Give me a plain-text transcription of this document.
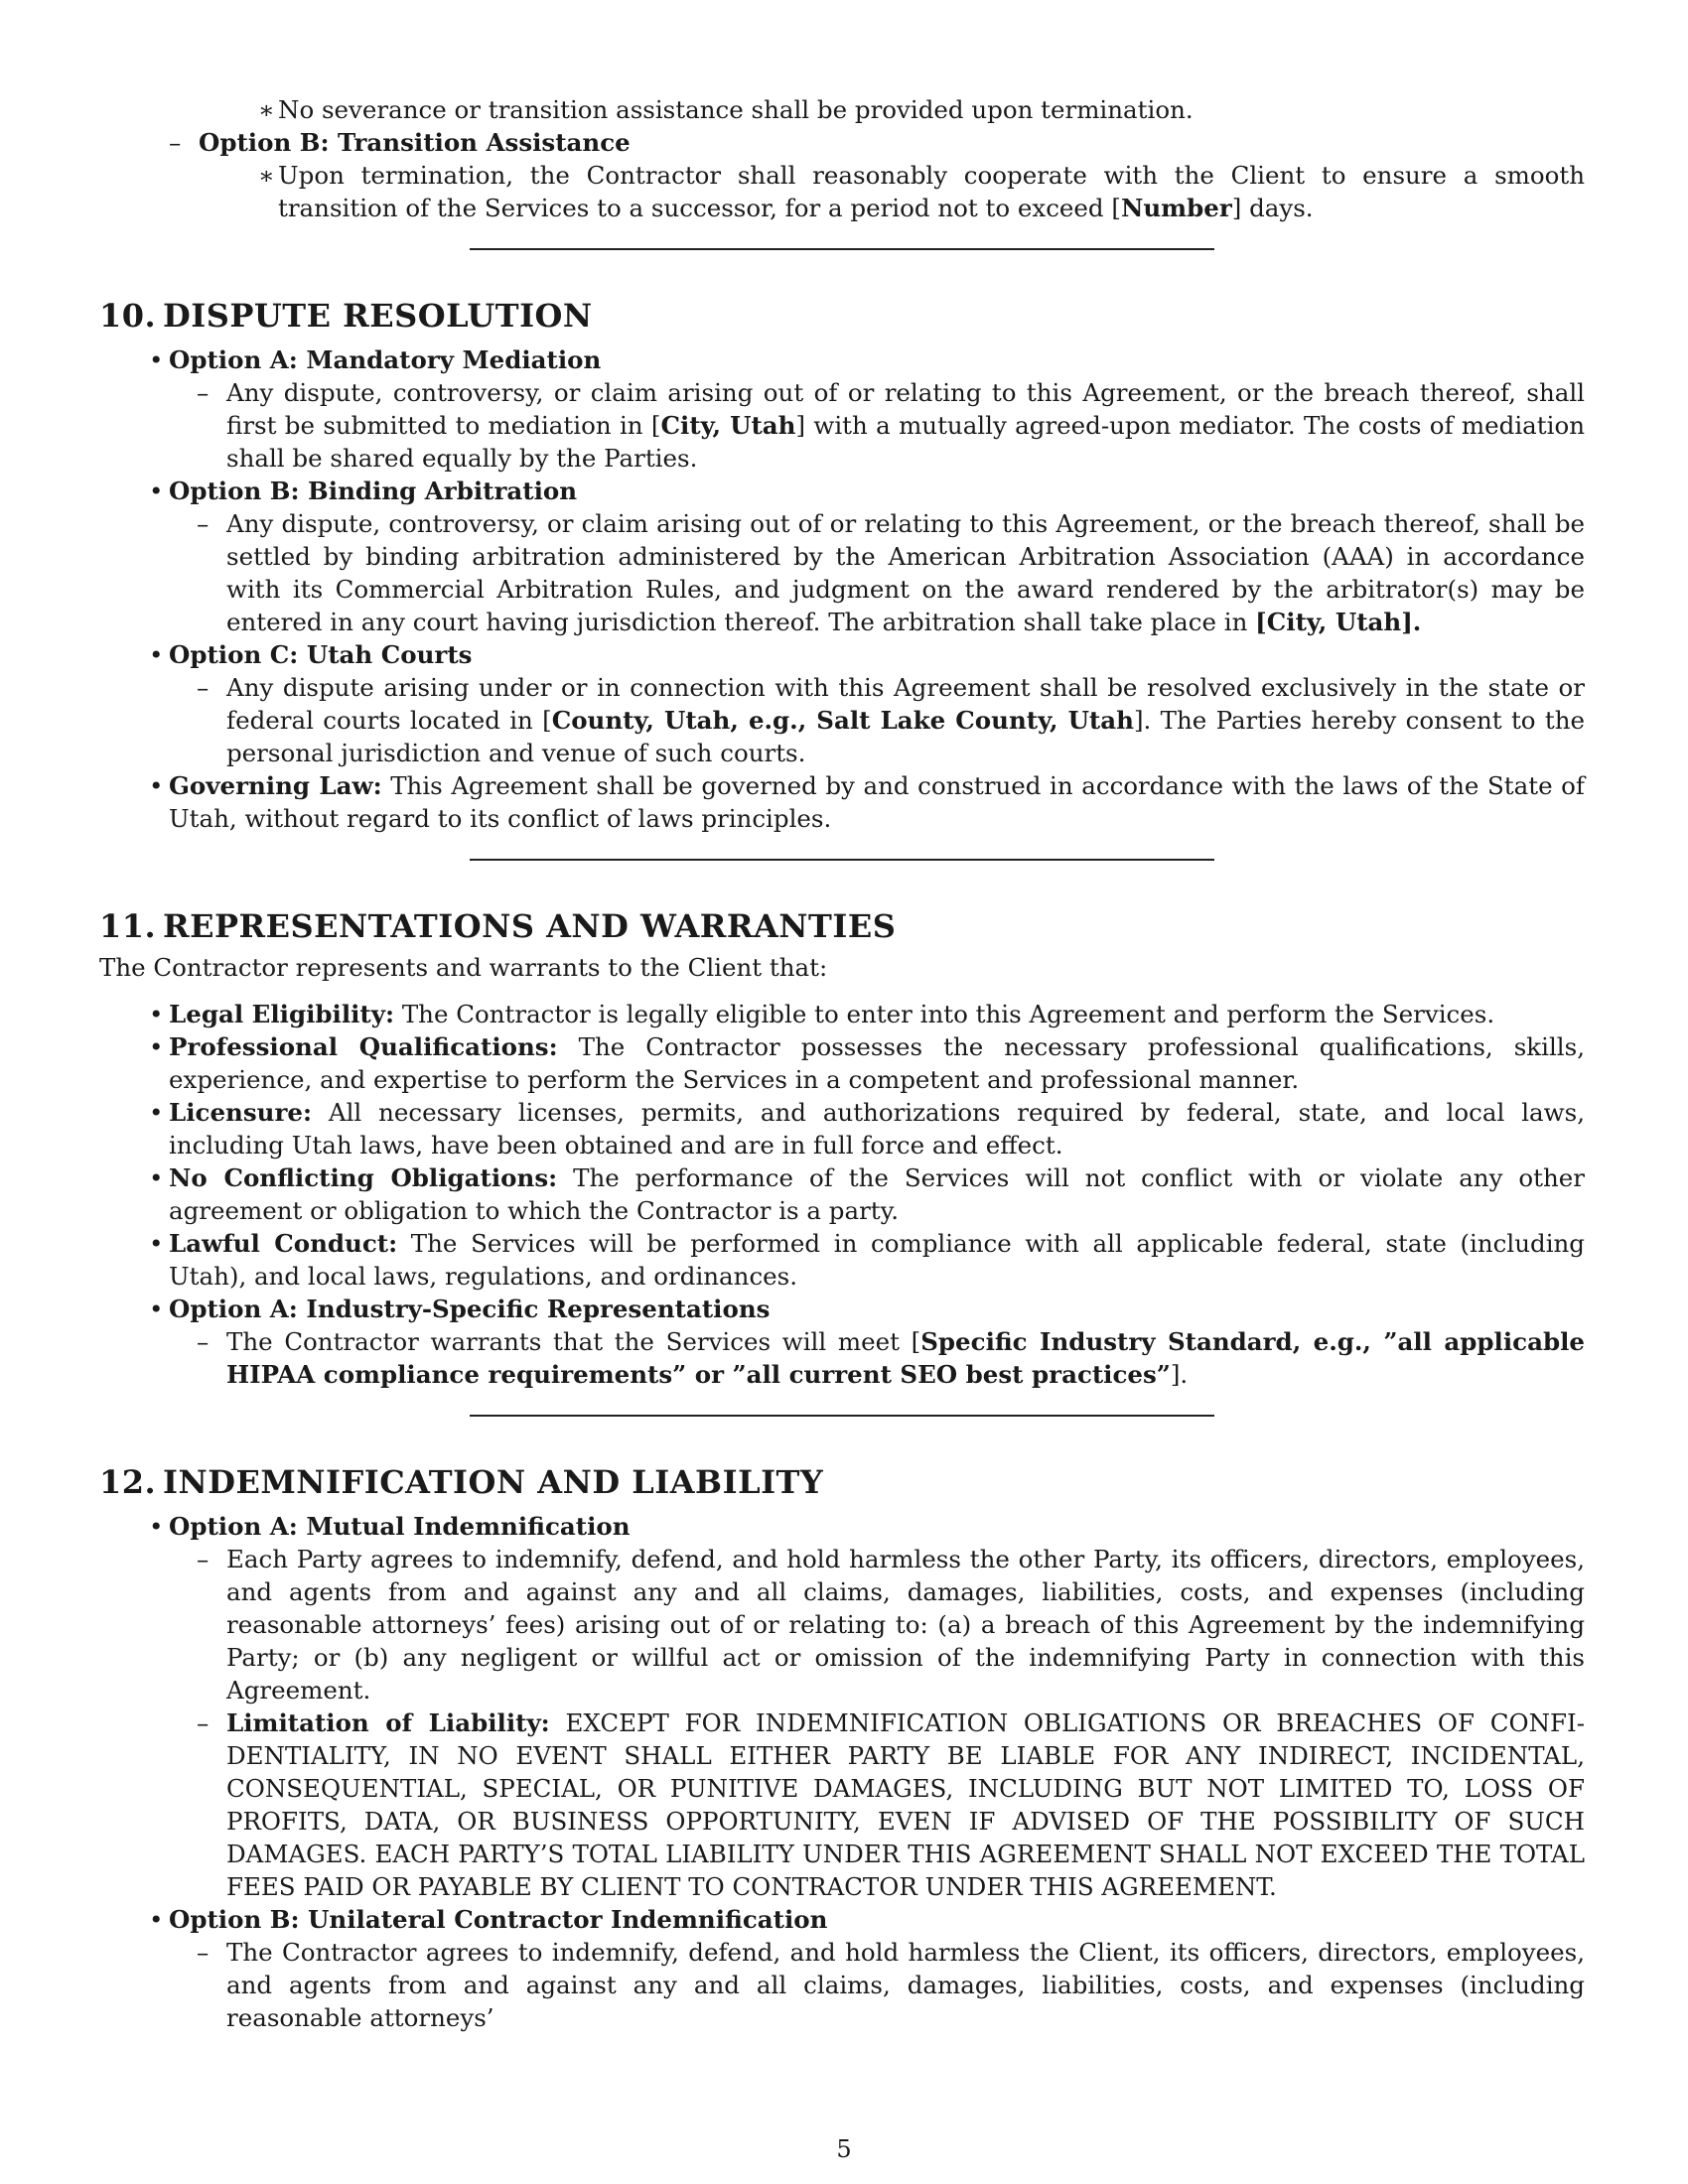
∗ No severance or transition assistance shall be provided upon termination.

– Option B: Transition Assistance

∗ Upon termination, the Contractor shall reasonably cooperate with the Client to ensure a smooth transition of the Services to a successor, for a period not to exceed [Number] days.

10. DISPUTE RESOLUTION

• Option A: Mandatory Mediation

– Any dispute, controversy, or claim arising out of or relating to this Agreement, or the breach thereof, shall first be submitted to mediation in [City, Utah] with a mutually agreed-upon mediator. The costs of mediation shall be shared equally by the Parties.

• Option B: Binding Arbitration

– Any dispute, controversy, or claim arising out of or relating to this Agreement, or the breach thereof, shall be settled by binding arbitration administered by the American Arbitration Association (AAA) in accordance with its Commercial Arbitration Rules, and judgment on the award rendered by the arbitrator(s) may be entered in any court having jurisdiction thereof. The arbitration shall take place in [City, Utah].

• Option C: Utah Courts

– Any dispute arising under or in connection with this Agreement shall be resolved exclusively in the state or federal courts located in [County, Utah, e.g., Salt Lake County, Utah]. The Parties hereby consent to the personal jurisdiction and venue of such courts.

• Governing Law: This Agreement shall be governed by and construed in accordance with the laws of the State of Utah, without regard to its conflict of laws principles.

11. REPRESENTATIONS AND WARRANTIES

The Contractor represents and warrants to the Client that:

• Legal Eligibility: The Contractor is legally eligible to enter into this Agreement and perform the Services.

• Professional Qualifications: The Contractor possesses the necessary professional qualifications, skills, experience, and expertise to perform the Services in a competent and professional manner.

• Licensure: All necessary licenses, permits, and authorizations required by federal, state, and local laws, including Utah laws, have been obtained and are in full force and effect.

• No Conflicting Obligations: The performance of the Services will not conflict with or violate any other agreement or obligation to which the Contractor is a party.

• Lawful Conduct: The Services will be performed in compliance with all applicable federal, state (including Utah), and local laws, regulations, and ordinances.

• Option A: Industry-Specific Representations

– The Contractor warrants that the Services will meet [Specific Industry Standard, e.g., ”all applicable HIPAA compliance requirements” or ”all current SEO best practices”].

12. INDEMNIFICATION AND LIABILITY

• Option A: Mutual Indemnification

– Each Party agrees to indemnify, defend, and hold harmless the other Party, its officers, directors, employees, and agents from and against any and all claims, damages, liabilities, costs, and expenses (including reasonable attorneys’ fees) arising out of or relating to: (a) a breach of this Agreement by the indemnifying Party; or (b) any negligent or willful act or omission of the indemnifying Party in connection with this Agreement.

– Limitation of Liability: EXCEPT FOR INDEMNIFICATION OBLIGATIONS OR BREACHES OF CONFIDENTIALITY, IN NO EVENT SHALL EITHER PARTY BE LIABLE FOR ANY INDIRECT, INCIDENTAL, CONSEQUENTIAL, SPECIAL, OR PUNITIVE DAMAGES, INCLUDING BUT NOT LIMITED TO, LOSS OF PROFITS, DATA, OR BUSINESS OPPORTUNITY, EVEN IF ADVISED OF THE POSSIBILITY OF SUCH DAMAGES. EACH PARTY’S TOTAL LIABILITY UNDER THIS AGREEMENT SHALL NOT EXCEED THE TOTAL FEES PAID OR PAYABLE BY CLIENT TO CONTRACTOR UNDER THIS AGREEMENT.

• Option B: Unilateral Contractor Indemnification

– The Contractor agrees to indemnify, defend, and hold harmless the Client, its officers, directors, employees, and agents from and against any and all claims, damages, liabilities, costs, and expenses (including reasonable attorneys’

5
